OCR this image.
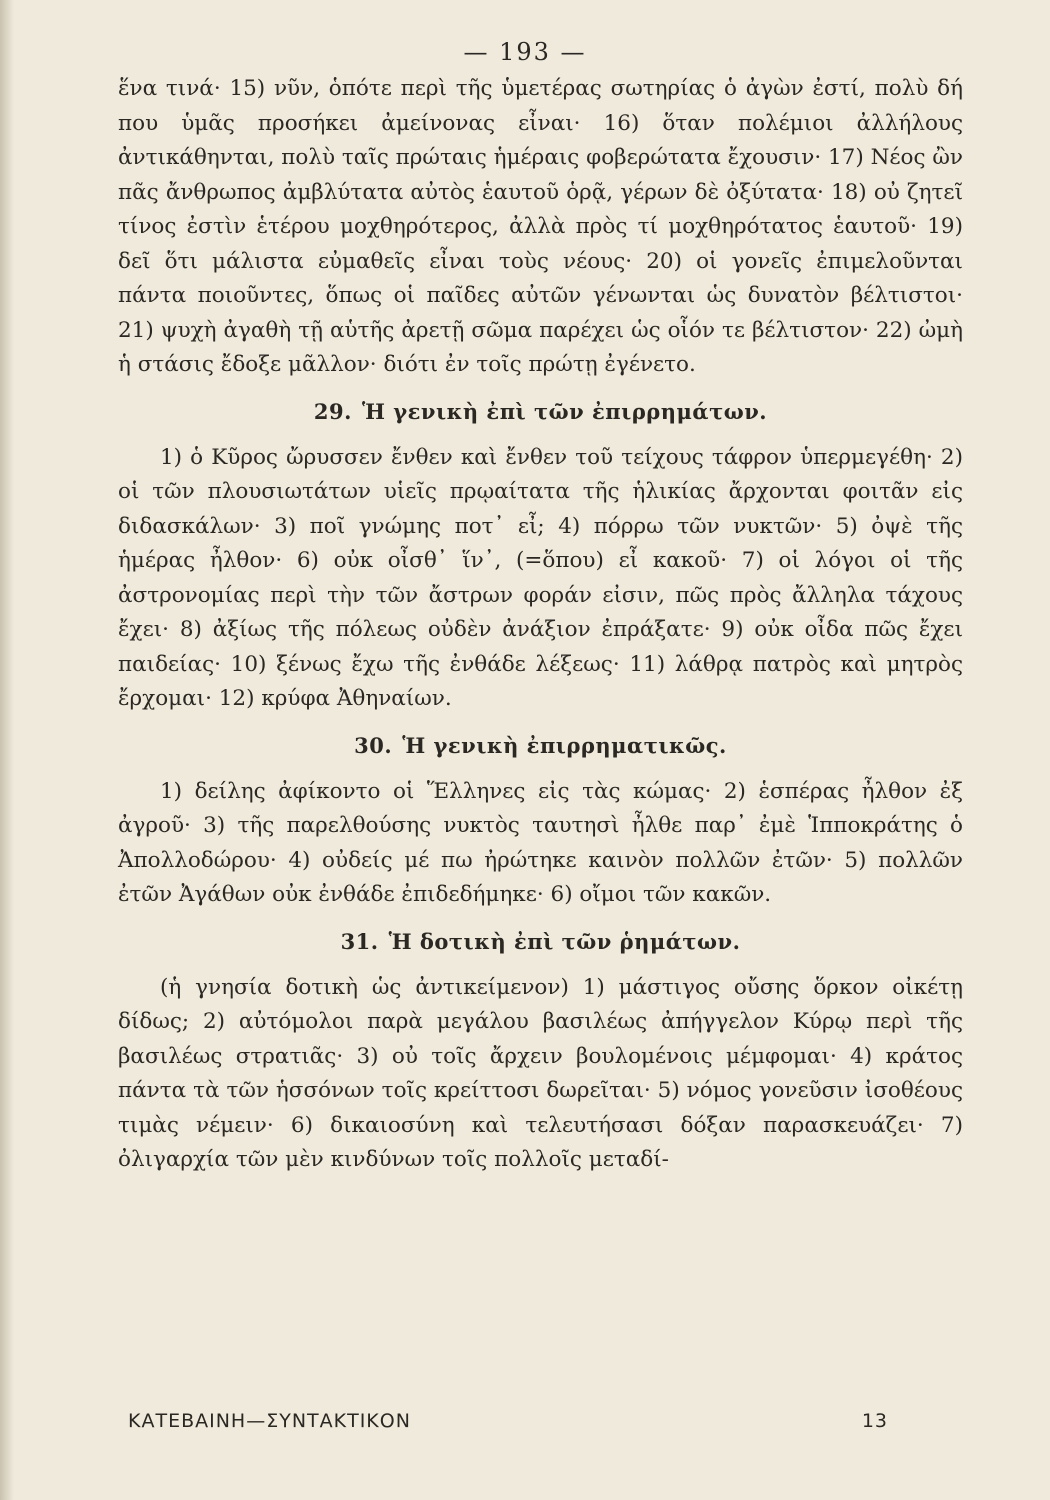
— 193 —

ἕνα τινά· 15) νῦν, ὁπότε περὶ τῆς ὑμετέρας σωτηρίας ὁ ἀγὼν ἐστί, πολὺ δή που ὑμᾶς προσήκει ἀμείνονας εἶναι· 16) ὅταν πολέμιοι ἀλλήλους ἀντικάθηνται, πολὺ ταῖς πρώταις ἡμέραις φοβερώτατα ἔχουσιν· 17) Νέος ὢν πᾶς ἄνθρωπος ἀμβλύτατα αὐτὸς ἑαυτοῦ ὁρᾷ, γέρων δὲ ὀξύτατα· 18) οὐ ζητεῖ τίνος ἐστὶν ἑτέρου μοχθηρότερος, ἀλλὰ πρὸς τί μοχθηρότατος ἑαυτοῦ· 19) δεῖ ὅτι μάλιστα εὐμαθεῖς εἶναι τοὺς νέους· 20) οἱ γονεῖς ἐπιμελοῦνται πάντα ποιοῦντες, ὅπως οἱ παῖδες αὐτῶν γένωνται ὡς δυνατὸν βέλτιστοι· 21) ψυχὴ ἀγαθὴ τῇ αὑτῆς ἀρετῇ σῶμα παρέχει ὡς οἷόν τε βέλτιστον· 22) ὠμὴ ἡ στάσις ἔδοξε μᾶλλον· διότι ἐν τοῖς πρώτῃ ἐγένετο.

29. Ἡ γενικὴ ἐπὶ τῶν ἐπιρρημάτων.

1) ὁ Κῦρος ὤρυσσεν ἔνθεν καὶ ἔνθεν τοῦ τείχους τάφρον ὑπερμεγέθη· 2) οἱ τῶν πλουσιωτάτων υἱεῖς πρῳαίτατα τῆς ἡλικίας ἄρχονται φοιτᾶν εἰς διδασκάλων· 3) ποῖ γνώμης ποτ᾽ εἶ; 4) πόρρω τῶν νυκτῶν· 5) ὀψὲ τῆς ἡμέρας ἦλθον· 6) οὐκ οἶσθ᾽ ἵν᾽, (=ὅπου) εἶ κακοῦ· 7) οἱ λόγοι οἱ τῆς ἀστρονομίας περὶ τὴν τῶν ἄστρων φοράν εἰσιν, πῶς πρὸς ἄλληλα τάχους ἔχει· 8) ἀξίως τῆς πόλεως οὐδὲν ἀνάξιον ἐπράξατε· 9) οὐκ οἶδα πῶς ἔχει παιδείας· 10) ξένως ἔχω τῆς ἐνθάδε λέξεως· 11) λάθρᾳ πατρὸς καὶ μητρὸς ἔρχομαι· 12) κρύφα Ἀθηναίων.

30. Ἡ γενικὴ ἐπιρρηματικῶς.

1) δείλης ἀφίκοντο οἱ Ἕλληνες εἰς τὰς κώμας· 2) ἑσπέρας ἦλθον ἐξ ἀγροῦ· 3) τῆς παρελθούσης νυκτὸς ταυτησὶ ἦλθε παρ᾽ ἐμὲ Ἱπποκράτης ὁ Ἀπολλοδώρου· 4) οὐδείς μέ πω ἠρώτηκε καινὸν πολλῶν ἐτῶν· 5) πολλῶν ἐτῶν Ἀγάθων οὐκ ἐνθάδε ἐπιδεδήμηκε· 6) οἴμοι τῶν κακῶν.

31. Ἡ δοτικὴ ἐπὶ τῶν ῥημάτων.

(ἡ γνησία δοτικὴ ὡς ἀντικείμενον) 1) μάστιγος οὔσης ὅρκον οἰκέτῃ δίδως; 2) αὐτόμολοι παρὰ μεγάλου βασιλέως ἀπήγγελον Κύρῳ περὶ τῆς βασιλέως στρατιᾶς· 3) οὐ τοῖς ἄρχειν βουλομένοις μέμφομαι· 4) κράτος πάντα τὰ τῶν ἡσσόνων τοῖς κρείττοσι δωρεῖται· 5) νόμος γονεῦσιν ἰσοθέους τιμὰς νέμειν· 6) δικαιοσύνη καὶ τελευτήσασι δόξαν παρασκευάζει· 7) ὀλιγαρχία τῶν μὲν κινδύνων τοῖς πολλοῖς μεταδί-

ΚΑΤΕΒΑΙΝΗ—ΣΥΝΤΑΚΤΙΚΟΝ	13
